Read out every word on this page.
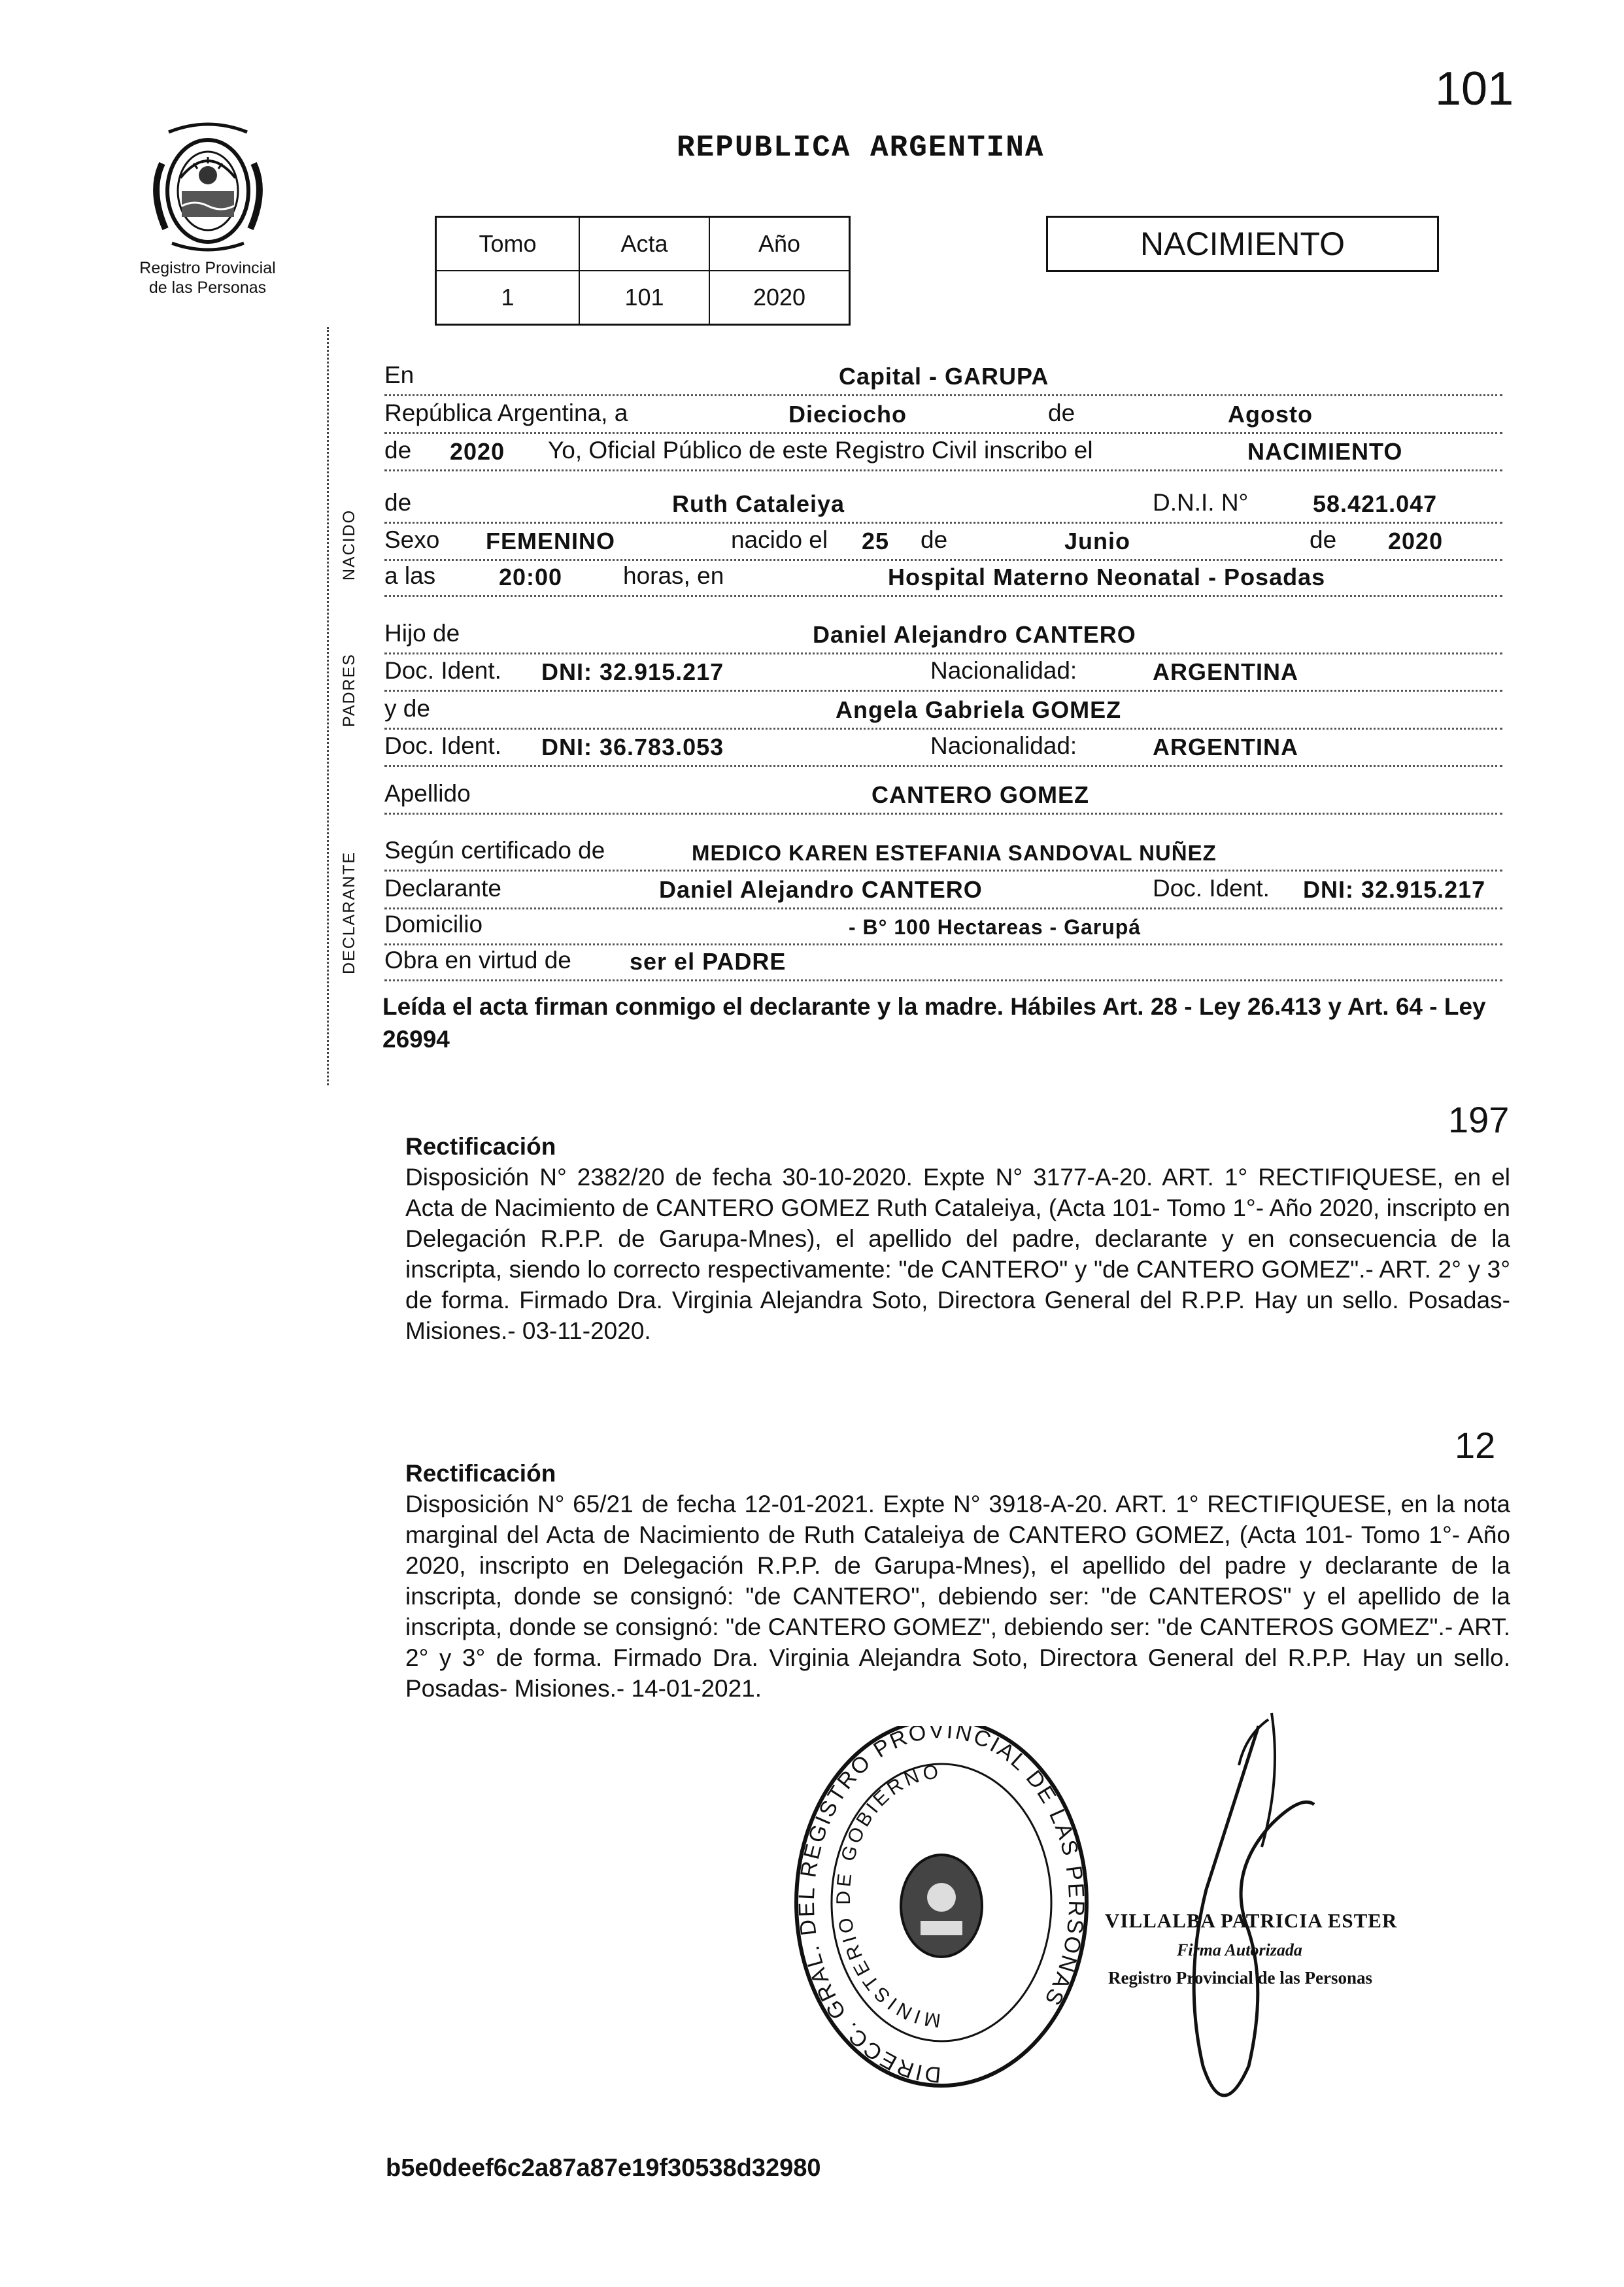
Registro Provincial
de las Personas
101
REPUBLICA ARGENTINA
Tomo	Acta	Año
1	101	2020
NACIMIENTO
NACIDO
PADRES
DECLARANTE
En	Capital - GARUPA
República Argentina, a	Dieciocho	de	Agosto
de 2020 Yo, Oficial Público de este Registro Civil inscribo el	NACIMIENTO
de	Ruth Cataleiya	D.N.I. N°	58.421.047
Sexo FEMENINO	nacido el 25 de	Junio	de 2020
a las	20:00	horas, en	Hospital Materno Neonatal - Posadas
Hijo de	Daniel Alejandro CANTERO
Doc. Ident. DNI: 32.915.217	Nacionalidad:	ARGENTINA
y de	Angela Gabriela GOMEZ
Doc. Ident. DNI: 36.783.053	Nacionalidad:	ARGENTINA
Apellido	CANTERO GOMEZ
Según certificado de	MEDICO KAREN ESTEFANIA SANDOVAL NUÑEZ
Declarante	Daniel Alejandro CANTERO	Doc. Ident. DNI: 32.915.217
Domicilio	- B° 100 Hectareas - Garupá
Obra en virtud de ser el PADRE
Leída el acta firman conmigo el declarante y la madre. Hábiles Art. 28 - Ley 26.413 y Art. 64 - Ley 26994
197
Rectificación
Disposición N° 2382/20 de fecha 30-10-2020. Expte N° 3177-A-20. ART. 1° RECTIFIQUESE, en el Acta de Nacimiento de CANTERO GOMEZ Ruth Cataleiya, (Acta 101- Tomo 1°- Año 2020, inscripto en Delegación R.P.P. de Garupa-Mnes), el apellido del padre, declarante y en consecuencia de la inscripta, siendo lo correcto respectivamente: "de CANTERO" y "de CANTERO GOMEZ".- ART. 2° y 3° de forma. Firmado Dra. Virginia Alejandra Soto, Directora General del R.P.P. Hay un sello. Posadas- Misiones.- 03-11-2020.
12
Rectificación
Disposición N° 65/21 de fecha 12-01-2021. Expte N° 3918-A-20. ART. 1° RECTIFIQUESE, en la nota marginal del Acta de Nacimiento de Ruth Cataleiya de CANTERO GOMEZ, (Acta 101- Tomo 1°- Año 2020, inscripto en Delegación R.P.P. de Garupa-Mnes), el apellido del padre y declarante de la inscripta, donde se consignó: "de CANTERO", debiendo ser: "de CANTEROS" y el apellido de la inscripta, donde se consignó: "de CANTERO GOMEZ", debiendo ser: "de CANTEROS GOMEZ".- ART. 2° y 3° de forma. Firmado Dra. Virginia Alejandra Soto, Directora General del R.P.P. Hay un sello. Posadas- Misiones.- 14-01-2021.
DIRECC. GRAL. DEL REGISTRO PROVINCIAL DE LAS PERSONAS
MINISTERIO DE GOBIERNO
VILLALBA PATRICIA ESTER
Firma Autorizada
Registro Provincial de las Personas
b5e0deef6c2a87a87e19f30538d32980
